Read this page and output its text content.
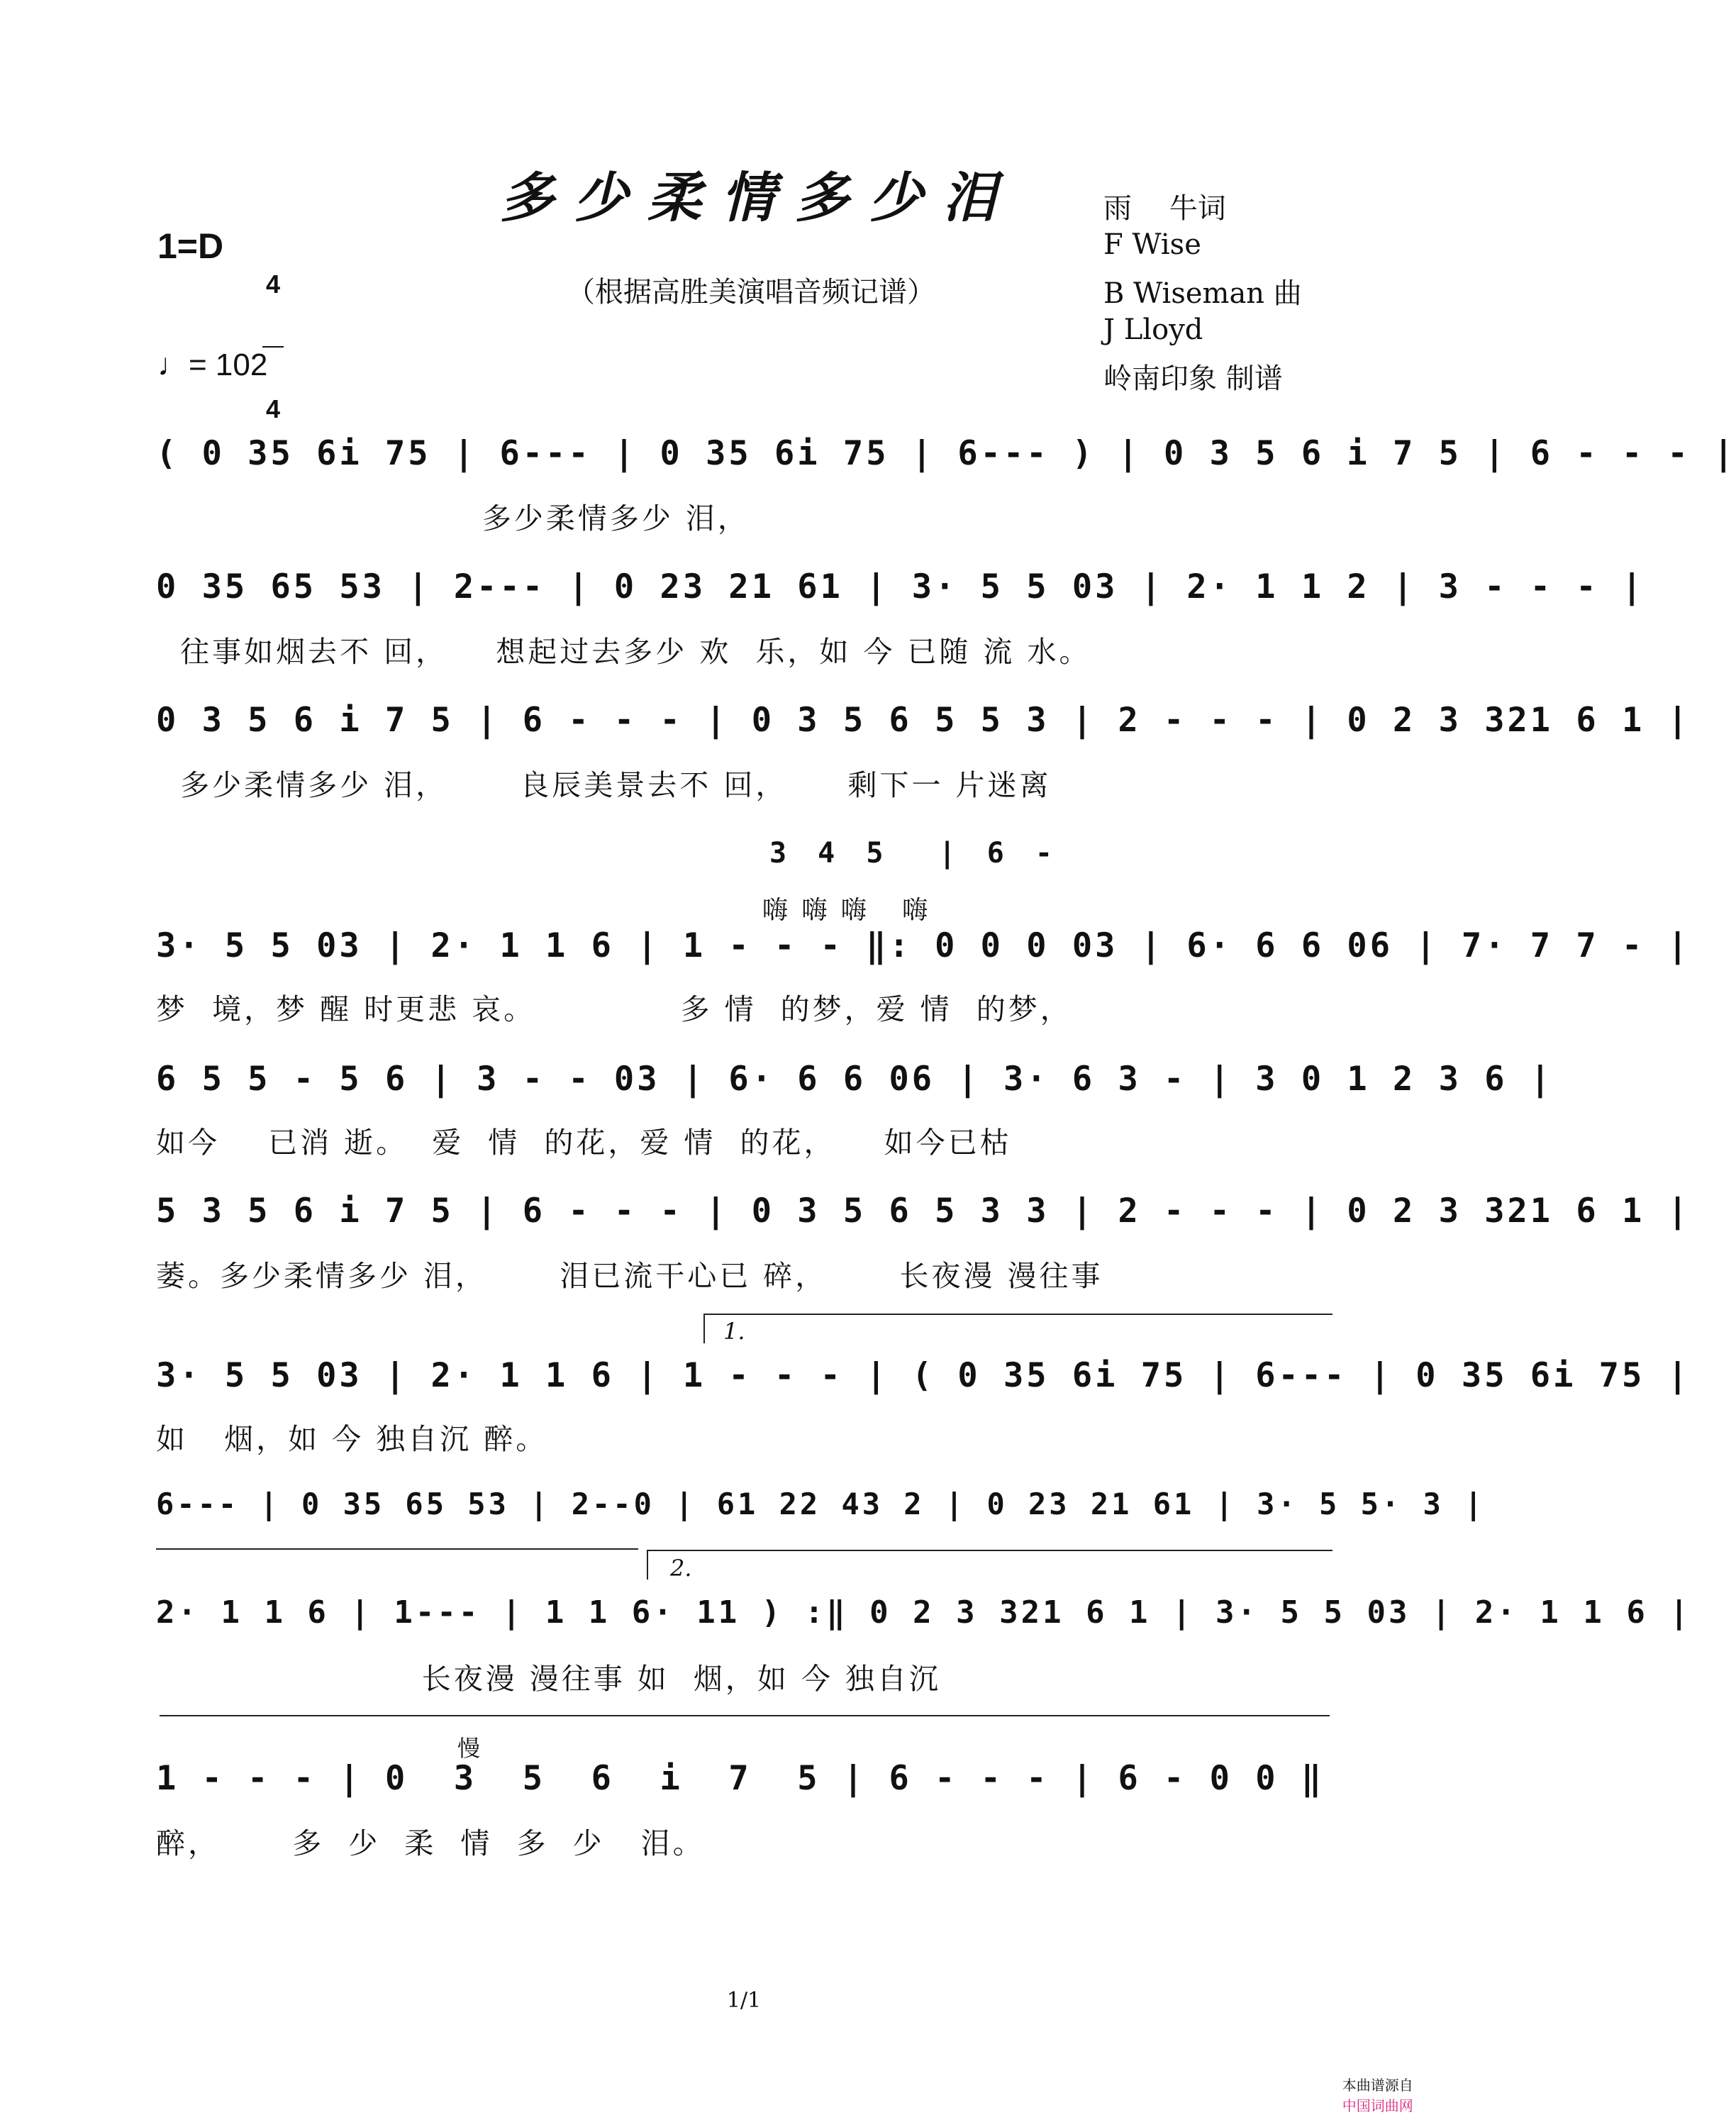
多少柔情多少泪
（根据高胜美演唱音频记谱）
1=D

4

4

♩= 102
雨 　牛词
F Wise
B Wiseman 曲
J Lloyd
岭南印象 制谱
( 0 35 6i 75 | 6--- | 0 35 6i 75 | 6--- ) | 0 3 5 6 i 7 5 | 6 - - - |
多少柔情多少 泪，
0 35 65 53 | 2--- | 0 23 21 61 | 3· 5 5 03 | 2· 1 1 2 | 3 - - - |
往事如烟去不 回，    想起过去多少 欢  乐，如 今 已随 流 水。
0 3 5 6 i 7 5 | 6 - - - | 0 3 5 6 5 5 3 | 2 - - - | 0 2 3 321 6 1 |
多少柔情多少 泪，      良辰美景去不 回，     剩下一 片迷离
3 4 5  | 6 -
嗨 嗨 嗨   嗨
3· 5 5 03 | 2· 1 1 6 | 1 - - - ‖: 0 0 0 03 | 6· 6 6 06 | 7· 7 7 - |
梦  境，梦 醒 时更悲 哀。            多 情  的梦，爱 情  的梦，
6 5 5 - 5 6 | 3 - - 03 | 6· 6 6 06 | 3· 6 3 - | 3 0 1 2 3 6 |
如今    已消 逝。  爱  情  的花，爱 情  的花，    如今已枯
5 3 5 6 i 7 5 | 6 - - - | 0 3 5 6 5 3 3 | 2 - - - | 0 2 3 321 6 1 |
萎。多少柔情多少 泪，      泪已流干心已 碎，      长夜漫 漫往事
1.
3· 5 5 03 | 2· 1 1 6 | 1 - - - | ( 0 35 6i 75 | 6--- | 0 35 6i 75 |
如   烟，如 今 独自沉 醉。
6--- | 0 35 65 53 | 2--0 | 61 22 43 2 | 0 23 21 61 | 3· 5 5· 3 |
2.
2· 1 1 6 | 1--- | 1 1 6· 11 ) :‖ 0 2 3 321 6 1 | 3· 5 5 03 | 2· 1 1 6 |
长夜漫 漫往事 如  烟，如 今 独自沉
慢
1 - - - | 0  3  5  6  i  7  5 | 6 - - - | 6 - 0 0 ‖
醉，      多  少  柔  情  多  少   泪。
1/1

本曲谱源自
中国词曲网
